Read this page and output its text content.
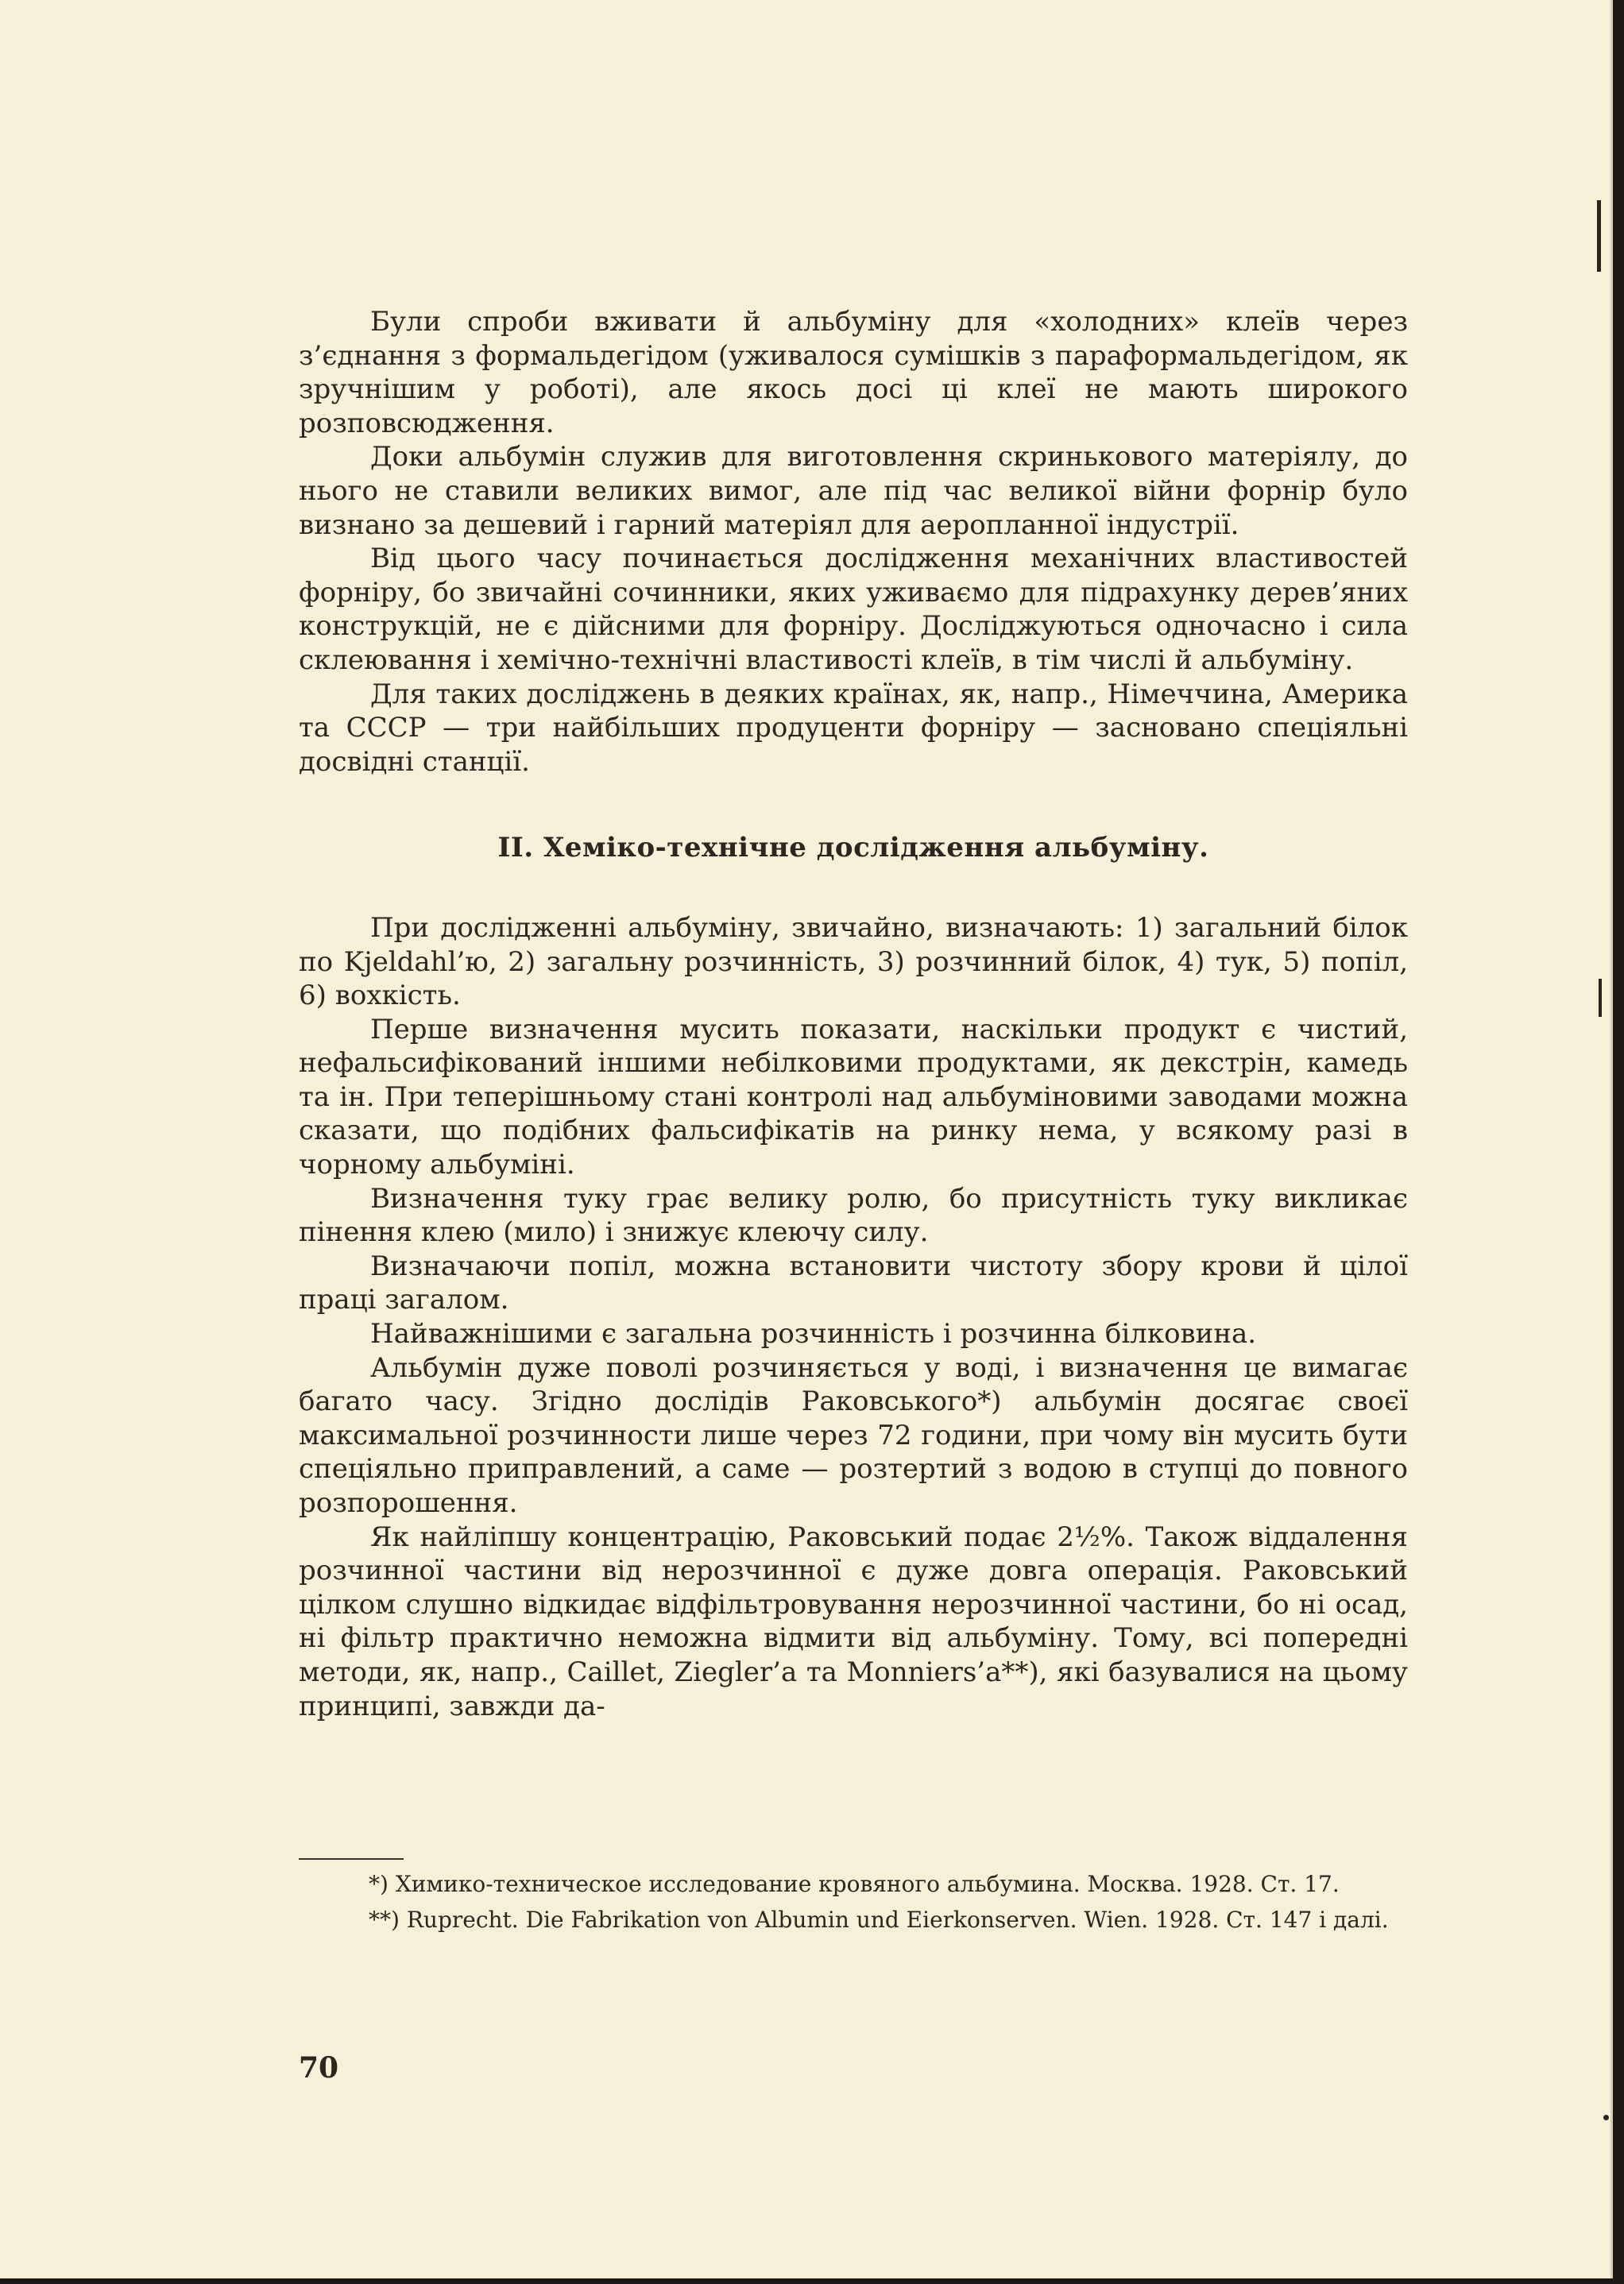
Були спроби вживати й альбуміну для «холодних» клеїв через з’єднання з формальдегідом (уживалося сумішків з параформальдегідом, як зручнішим у роботі), але якось досі ці клеї не мають широкого розповсюдження.

Доки альбумін служив для виготовлення скринькового матеріялу, до нього не ставили великих вимог, але під час великої війни форнір було визнано за дешевий і гарний матеріял для аеропланної індустрії.

Від цього часу починається дослідження механічних властивостей форніру, бо звичайні сочинники, яких уживаємо для підрахунку дерев’яних конструкцій, не є дійсними для форніру. Досліджуються одночасно і сила склеювання і хемічно-технічні властивості клеїв, в тім числі й альбуміну.

Для таких досліджень в деяких країнах, як, напр., Німеччина, Америка та СССР — три найбільших продуценти форніру — засновано спеціяльні досвідні станції.

II. Хеміко-технічне дослідження альбуміну.

При дослідженні альбуміну, звичайно, визначають: 1) загальний білок по Kjeldahl’ю, 2) загальну розчинність, 3) розчинний білок, 4) тук, 5) попіл, 6) вохкість.

Перше визначення мусить показати, наскільки продукт є чистий, нефальсифікований іншими небілковими продуктами, як декстрін, камедь та ін. При теперішньому стані контролі над альбуміновими заводами можна сказати, що подібних фальсифікатів на ринку нема, у всякому разі в чорному альбуміні.

Визначення туку грає велику ролю, бо присутність туку викликає пінення клею (мило) і знижує клеючу силу.

Визначаючи попіл, можна встановити чистоту збору крови й цілої праці загалом.

Найважнішими є загальна розчинність і розчинна білковина.

Альбумін дуже поволі розчиняється у воді, і визначення це вимагає багато часу. Згідно дослідів Раковського*) альбумін досягає своєї максимальної розчинности лише через 72 години, при чому він мусить бути спеціяльно приправлений, а саме — розтертий з водою в ступці до повного розпорошення.

Як найліпшу концентрацію, Раковський подає 2½%. Також віддалення розчинної частини від нерозчинної є дуже довга операція. Раковський цілком слушно відкидає відфільтровування нерозчинної частини, бо ні осад, ні фільтр практично неможна відмити від альбуміну. Тому, всі попередні методи, як, напр., Caillet, Ziegler’a та Monniers’a**), які базувалися на цьому принципі, завжди да-

*) Химико-техническое исследование кровяного альбумина. Москва. 1928. Ст. 17.

**) Ruprecht. Die Fabrikation von Albumin und Eierkonserven. Wien. 1928. Ст. 147 і далі.

70
